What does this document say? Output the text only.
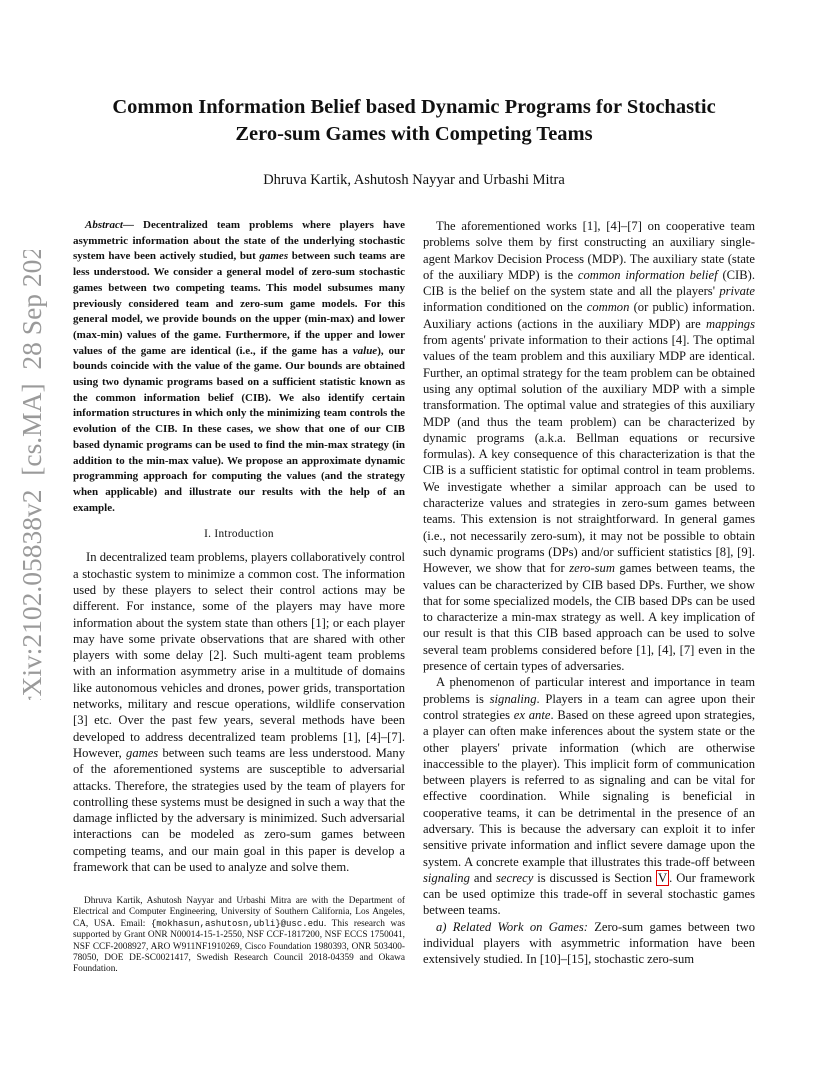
Common Information Belief based Dynamic Programs for Stochastic
Zero-sum Games with Competing Teams

Dhruva Kartik, Ashutosh Nayyar and Urbashi Mitra

arXiv:2102.05838v2  [cs.MA]  28 Sep 2021

Abstract— Decentralized team problems where players have asymmetric information about the state of the underlying stochastic system have been actively studied, but games between such teams are less understood. We consider a general model of zero-sum stochastic games between two competing teams. This model subsumes many previously considered team and zero-sum game models. For this general model, we provide bounds on the upper (min-max) and lower (max-min) values of the game. Furthermore, if the upper and lower values of the game are identical (i.e., if the game has a value), our bounds coincide with the value of the game. Our bounds are obtained using two dynamic programs based on a sufficient statistic known as the common information belief (CIB). We also identify certain information structures in which only the minimizing team controls the evolution of the CIB. In these cases, we show that one of our CIB based dynamic programs can be used to find the min-max strategy (in addition to the min-max value). We propose an approximate dynamic programming approach for computing the values (and the strategy when applicable) and illustrate our results with the help of an example.

I. Introduction

In decentralized team problems, players collaboratively control a stochastic system to minimize a common cost. The information used by these players to select their control actions may be different. For instance, some of the players may have more information about the system state than others [1]; or each player may have some private observations that are shared with other players with some delay [2]. Such multi-agent team problems with an information asymmetry arise in a multitude of domains like autonomous vehicles and drones, power grids, transportation networks, military and rescue operations, wildlife conservation [3] etc. Over the past few years, several methods have been developed to address decentralized team problems [1], [4]–[7]. However, games between such teams are less understood. Many of the aforementioned systems are susceptible to adversarial attacks. Therefore, the strategies used by the team of players for controlling these systems must be designed in such a way that the damage inflicted by the adversary is minimized. Such adversarial interactions can be modeled as zero-sum games between competing teams, and our main goal in this paper is develop a framework that can be used to analyze and solve them.

Dhruva Kartik, Ashutosh Nayyar and Urbashi Mitra are with the Department of Electrical and Computer Engineering, University of Southern California, Los Angeles, CA, USA. Email: {mokhasun,ashutosn,ubli}@usc.edu. This research was supported by Grant ONR N00014-15-1-2550, NSF CCF-1817200, NSF ECCS 1750041, NSF CCF-2008927, ARO W911NF1910269, Cisco Foundation 1980393, ONR 503400-78050, DOE DE-SC0021417, Swedish Research Council 2018-04359 and Okawa Foundation.

The aforementioned works [1], [4]–[7] on cooperative team problems solve them by first constructing an auxiliary single-agent Markov Decision Process (MDP). The auxiliary state (state of the auxiliary MDP) is the common information belief (CIB). CIB is the belief on the system state and all the players' private information conditioned on the common (or public) information. Auxiliary actions (actions in the auxiliary MDP) are mappings from agents' private information to their actions [4]. The optimal values of the team problem and this auxiliary MDP are identical. Further, an optimal strategy for the team problem can be obtained using any optimal solution of the auxiliary MDP with a simple transformation. The optimal value and strategies of this auxiliary MDP (and thus the team problem) can be characterized by dynamic programs (a.k.a. Bellman equations or recursive formulas). A key consequence of this characterization is that the CIB is a sufficient statistic for optimal control in team problems. We investigate whether a similar approach can be used to characterize values and strategies in zero-sum games between teams. This extension is not straightforward. In general games (i.e., not necessarily zero-sum), it may not be possible to obtain such dynamic programs (DPs) and/or sufficient statistics [8], [9]. However, we show that for zero-sum games between teams, the values can be characterized by CIB based DPs. Further, we show that for some specialized models, the CIB based DPs can be used to characterize a min-max strategy as well. A key implication of our result is that this CIB based approach can be used to solve several team problems considered before [1], [4], [7] even in the presence of certain types of adversaries.

A phenomenon of particular interest and importance in team problems is signaling. Players in a team can agree upon their control strategies ex ante. Based on these agreed upon strategies, a player can often make inferences about the system state or the other players' private information (which are otherwise inaccessible to the player). This implicit form of communication between players is referred to as signaling and can be vital for effective coordination. While signaling is beneficial in cooperative teams, it can be detrimental in the presence of an adversary. This is because the adversary can exploit it to infer sensitive private information and inflict severe damage upon the system. A concrete example that illustrates this trade-off between signaling and secrecy is discussed is Section V . Our framework can be used optimize this trade-off in several stochastic games between teams.

a) Related Work on Games: Zero-sum games between two individual players with asymmetric information have been extensively studied. In [10]–[15], stochastic zero-sum
